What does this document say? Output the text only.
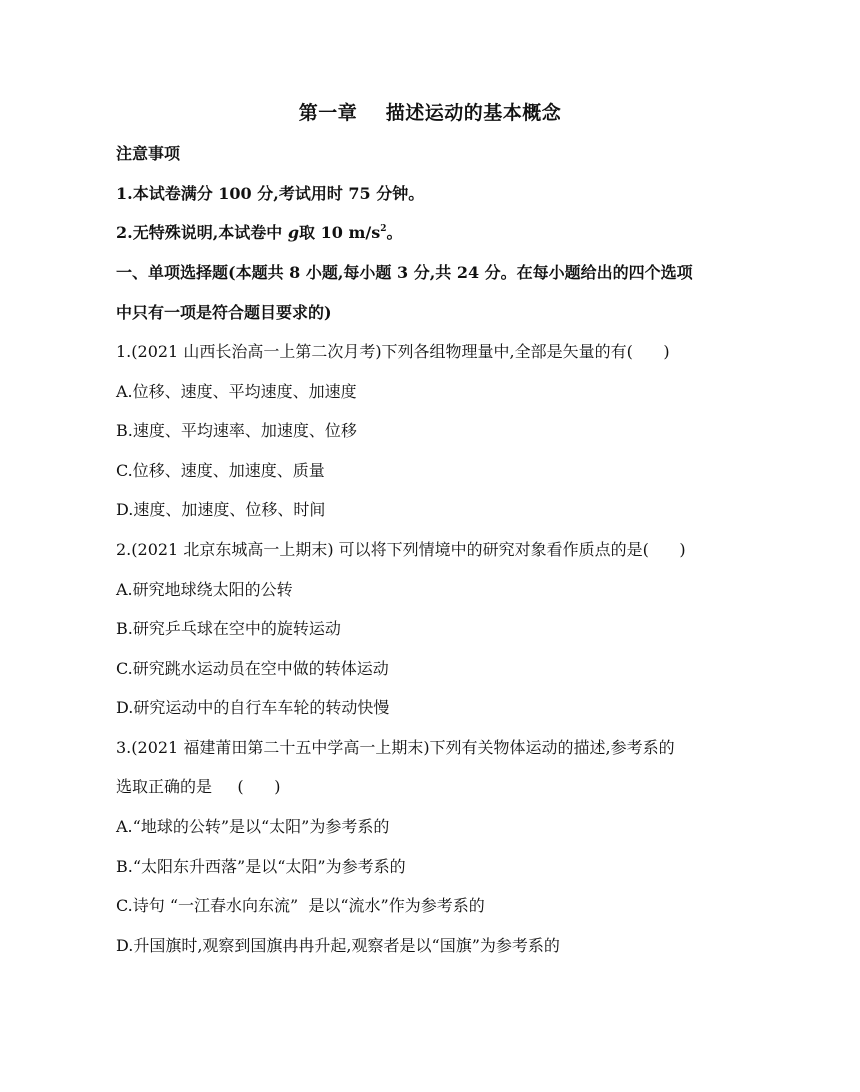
第一章    描述运动的基本概念
注意事项
1.本试卷满分 100 分,考试用时 75 分钟。
2.无特殊说明,本试卷中 g取 10 $m/s^2$。
一、单项选择题(本题共 8 小题,每小题 3 分,共 24 分。在每小题给出的四个选项
中只有一项是符合题目要求的)
1.(2021 山西长治高一上第二次月考)下列各组物理量中,全部是矢量的有(      )
A.位移、速度、平均速度、加速度
B.速度、平均速率、加速度、位移
C.位移、速度、加速度、质量
D.速度、加速度、位移、时间
2.(2021 北京东城高一上期末) 可以将下列情境中的研究对象看作质点的是(      )
A.研究地球绕太阳的公转
B.研究乒乓球在空中的旋转运动
C.研究跳水运动员在空中做的转体运动
D.研究运动中的自行车车轮的转动快慢
3.(2021 福建莆田第二十五中学高一上期末)下列有关物体运动的描述,参考系的
选取正确的是     (      )
A.“地球的公转”是以“太阳”为参考系的
B.“太阳东升西落”是以“太阳”为参考系的
C.诗句 “一江春水向东流”  是以“流水”作为参考系的
D.升国旗时,观察到国旗冉冉升起,观察者是以“国旗”为参考系的
